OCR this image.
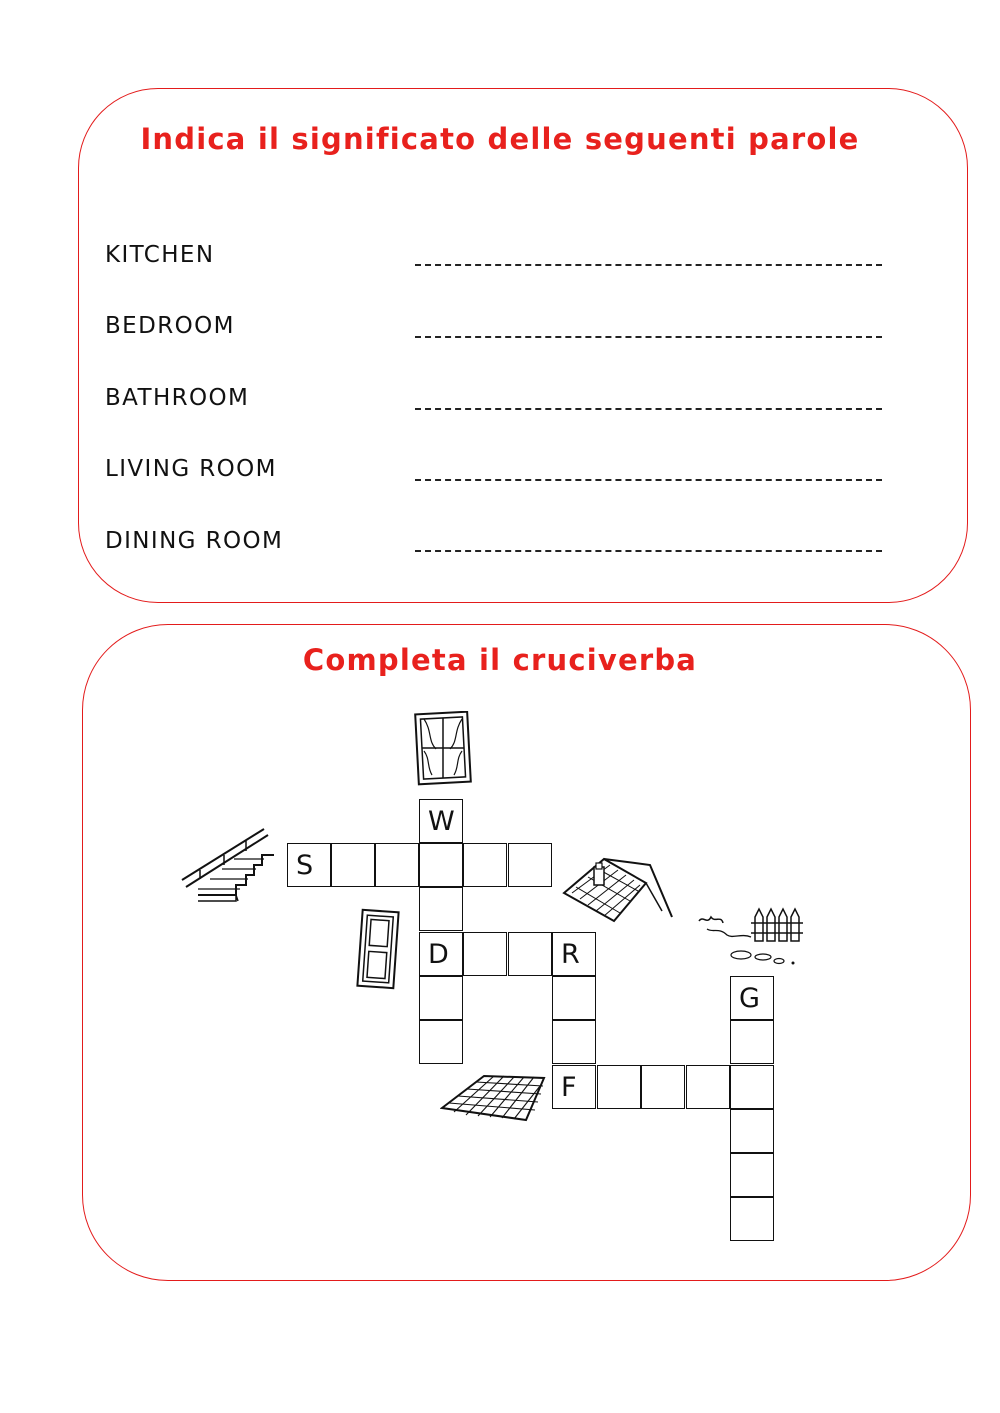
Indica il significato delle seguenti parole
KITCHEN
BEDROOM
BATHROOM
LIVING ROOM
DINING ROOM
Completa il cruciverba
W
D
S
R
F
G
